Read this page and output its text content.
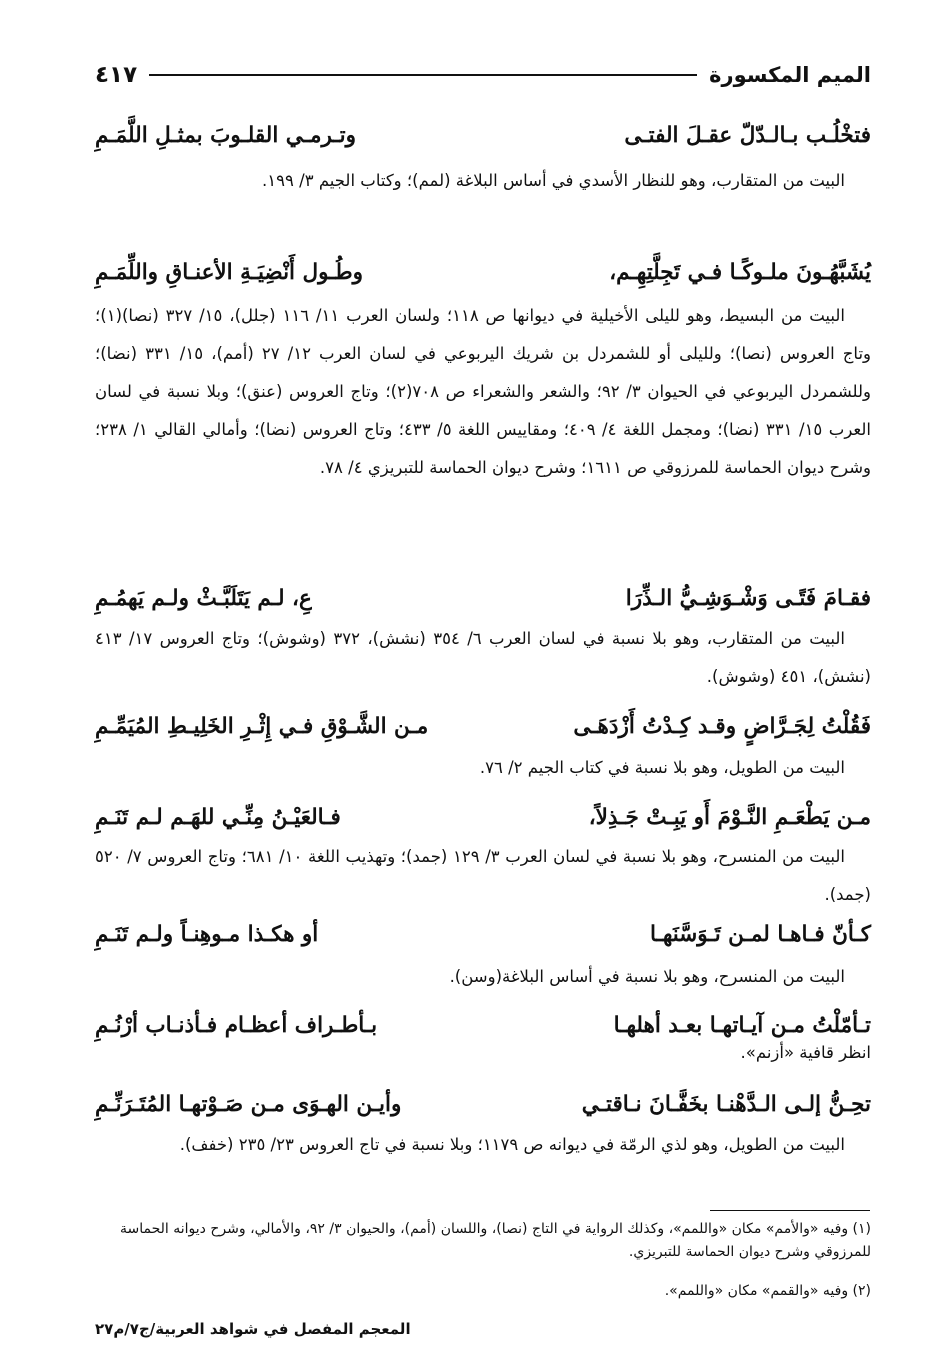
الميم المكسورة
٤١٧
فتخْلُـب بـالـدّلّ عقـلَ الفتـى
وتـرمـي القلـوبَ بمثـلِ اللَّمَـمِ
البيت من المتقارب، وهو للنظار الأسدي في أساس البلاغة (لمم)؛ وكتاب الجيم ٣/ ١٩٩.
يُشَبَّهُـونَ ملـوكًـا فـي تَجِلَّتِهِـم،
وطُـول أَنْضِيَـةِ الأعنـاقِ واللِّمَـمِ
البيت من البسيط، وهو لليلى الأخيلية في ديوانها ص ١١٨؛ ولسان العرب ١١/ ١١٦ (جلل)، ١٥/ ٣٢٧ (نصا)(١)؛ وتاج العروس (نصا)؛ ولليلى أو للشمردل بن شريك اليربوعي في لسان العرب ١٢/ ٢٧ (أمم)، ١٥/ ٣٣١ (نضا)؛ وللشمردل اليربوعي في الحيوان ٣/ ٩٢؛ والشعر والشعراء ص ٧٠٨(٢)؛ وتاج العروس (عنق)؛ وبلا نسبة في لسان العرب ١٥/ ٣٣١ (نضا)؛ ومجمل اللغة ٤/ ٤٠٩؛ ومقاييس اللغة ٥/ ٤٣٣؛ وتاج العروس (نضا)؛ وأمالي القالي ١/ ٢٣٨؛ وشرح ديوان الحماسة للمرزوقي ص ١٦١١؛ وشرح ديوان الحماسة للتبريزي ٤/ ٧٨.
فقـامَ فَتًـى وَشْـوَشِـيُّ الـذِّرَا
عِ، لـم يَتَلَبَّـثْ ولـم يَهمُـمِ
البيت من المتقارب، وهو بلا نسبة في لسان العرب ٦/ ٣٥٤ (نشش)، ٣٧٢ (وشوش)؛ وتاج العروس ١٧/ ٤١٣ (نشش)، ٤٥١ (وشوش).
فَقُلْتُ لِجَـرَّاضٍ وقـد كِـدْتُ أَزْدَهَـى
مـن الشَّـوْقِ فـي إِثْـرِ الخَلِيـطِ المُيَمِّـمِ
البيت من الطويل، وهو بلا نسبة في كتاب الجيم ٢/ ٧٦.
مـن يَطْعَـمِ النَّـوْمَ أَو يَبِـتْ جَـذِلاً،
فـالعَيْـنُ مِنِّـي للهَـم لـم تَنَـمِ
البيت من المنسرح، وهو بلا نسبة في لسان العرب ٣/ ١٢٩ (جمد)؛ وتهذيب اللغة ١٠/ ٦٨١؛ وتاج العروس ٧/ ٥٢٠ (جمد).
كـأنّ فـاهـا لمـن تَـوَسَّنَهـا
أو هكـذا مـوهِنـاً ولـم تَنَـمِ
البيت من المنسرح، وهو بلا نسبة في أساس البلاغة(وسن).
تـأمّلْتُ مـن آيـاتهـا بعـد أهلهـا
بـأطـراف أعظـام فـأذنـاب أرْنُـمِ
انظر قافية «أزنم».
تحِـنُّ إلـى الـدَّهْنـا بخَفَّـانَ نـاقتـي
وأيـن الهـوَى مـن صَـوْتهـا المُتَـرَنِّـمِ
البيت من الطويل، وهو لذي الرمّة في ديوانه ص ١١٧٩؛ وبلا نسبة في تاج العروس ٢٣/ ٢٣٥ (خفف).
(١) وفيه «والأمم» مكان «واللمم»، وكذلك الرواية في التاج (نصا)، واللسان (أمم)، والحيوان ٣/ ٩٢، والأمالي، وشرح ديوانه الحماسة للمرزوقي وشرح ديوان الحماسة للتبريزي.
(٢) وفيه «والقمم» مكان «واللمم».
المعجم المفصل في شواهد العربية/ج٧/م٢٧
